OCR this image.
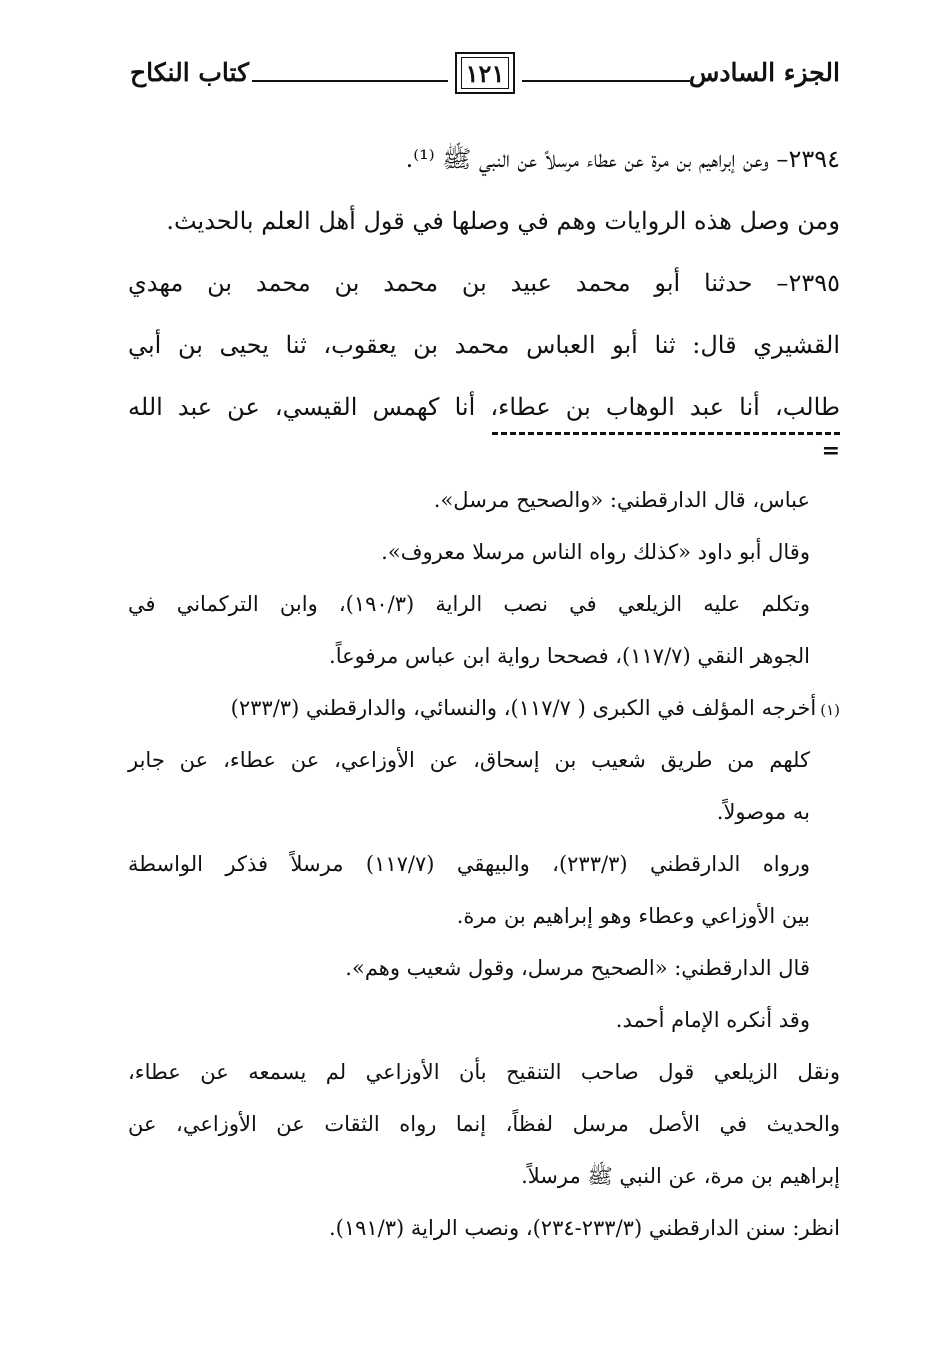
الجزء السادس
١٢١
كتاب النكاح
٢٣٩٤– وعن إبراهيم بن مرة عن عطاء مرسلاً عن النبي ﷺ ⁽¹⁾.
ومن وصل هذه الروايات وهم في وصلها في قول أهل العلم بالحديث.
٢٣٩٥– حدثنا أبو محمد عبيد بن محمد بن محمد بن مهدي
القشيري قال: ثنا أبو العباس محمد بن يعقوب، ثنا يحيى بن أبي
طالب، أنا عبد الوهاب بن عطاء، أنا كهمس القيسي، عن عبد الله
=
عباس، قال الدارقطني: «والصحيح مرسل».
وقال أبو داود «كذلك رواه الناس مرسلا معروف».
وتكلم عليه الزيلعي في نصب الراية (١٩٠/٣)، وابن التركماني في
الجوهر النقي (١١٧/٧)، فصححا رواية ابن عباس مرفوعاً.
(١)أخرجه المؤلف في الكبرى ( ١١٧/٧)، والنسائي، والدارقطني (٢٣٣/٣)
كلهم من طريق شعيب بن إسحاق، عن الأوزاعي، عن عطاء، عن جابر
به موصولاً.
ورواه الدارقطني (٢٣٣/٣)، والبيهقي (١١٧/٧) مرسلاً فذكر الواسطة
بين الأوزاعي وعطاء وهو إبراهيم بن مرة.
قال الدارقطني: «الصحيح مرسل، وقول شعيب وهم».
وقد أنكره الإمام أحمد.
ونقل الزيلعي قول صاحب التنقيح بأن الأوزاعي لم يسمعه عن عطاء،
والحديث في الأصل مرسل لفظاً، إنما رواه الثقات عن الأوزاعي، عن
إبراهيم بن مرة، عن النبي ﷺ مرسلاً.
انظر: سنن الدارقطني (٢٣٣/٣-٢٣٤)، ونصب الراية (١٩١/٣).
